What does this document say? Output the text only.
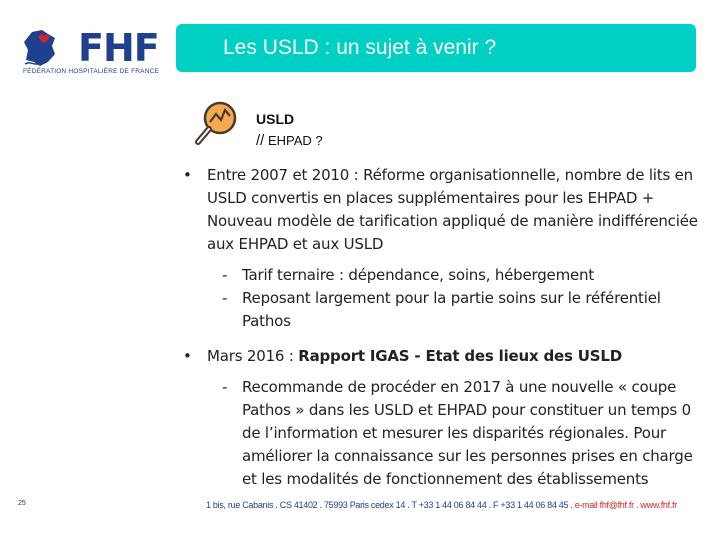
FHF
FÉDÉRATION HOSPITALIÈRE DE FRANCE
Les USLD : un sujet à venir ?
USLD
// EHPAD ?
• Entre 2007 et 2010 : Réforme organisationnelle, nombre de lits en USLD convertis en places supplémentaires pour les EHPAD + Nouveau modèle de tarification appliqué de manière indifférenciée aux EHPAD et aux USLD
- Tarif ternaire : dépendance, soins, hébergement
- Reposant largement pour la partie soins sur le référentiel Pathos
• Mars 2016 : Rapport IGAS - Etat des lieux des USLD
- Recommande de procéder en 2017 à une nouvelle « coupe Pathos » dans les USLD et EHPAD pour constituer un temps 0 de l’information et mesurer les disparités régionales. Pour améliorer la connaissance sur les personnes prises en charge et les modalités de fonctionnement des établissements
25	1 bis, rue Cabanis . CS 41402 . 75993 Paris cedex 14 . T +33 1 44 06 84 44 . F +33 1 44 06 84 45 . e-mail fhf@fhf.fr . www.fhf.fr
